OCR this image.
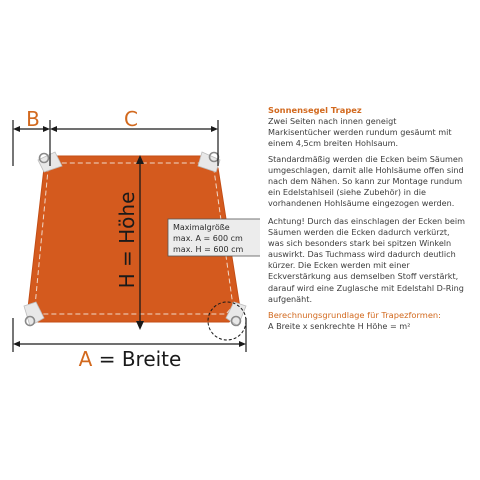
B	C
H = Höhe
A = Breite
Maximalgröße
max. A = 600 cm
max. H = 600 cm
Sonnensegel Trapez
Zwei Seiten nach innen geneigt
Markisentücher werden rundum gesäumt mit
einem 4,5cm breiten Hohlsaum.
Standardmäßig werden die Ecken beim Säumen
umgeschlagen, damit alle Hohlsäume offen sind
nach dem Nähen. So kann zur Montage rundum
ein Edelstahlseil (siehe Zubehör) in die
vorhandenen Hohlsäume eingezogen werden.
Achtung! Durch das einschlagen der Ecken beim
Säumen werden die Ecken dadurch verkürzt,
was sich besonders stark bei spitzen Winkeln
auswirkt. Das Tuchmass wird dadurch deutlich
kürzer. Die Ecken werden mit einer
Eckverstärkung aus demselben Stoff verstärkt,
darauf wird eine Zuglasche mit Edelstahl D-Ring
aufgenäht.
Berechnungsgrundlage für Trapezformen:
A Breite x senkrechte H Höhe = m²
